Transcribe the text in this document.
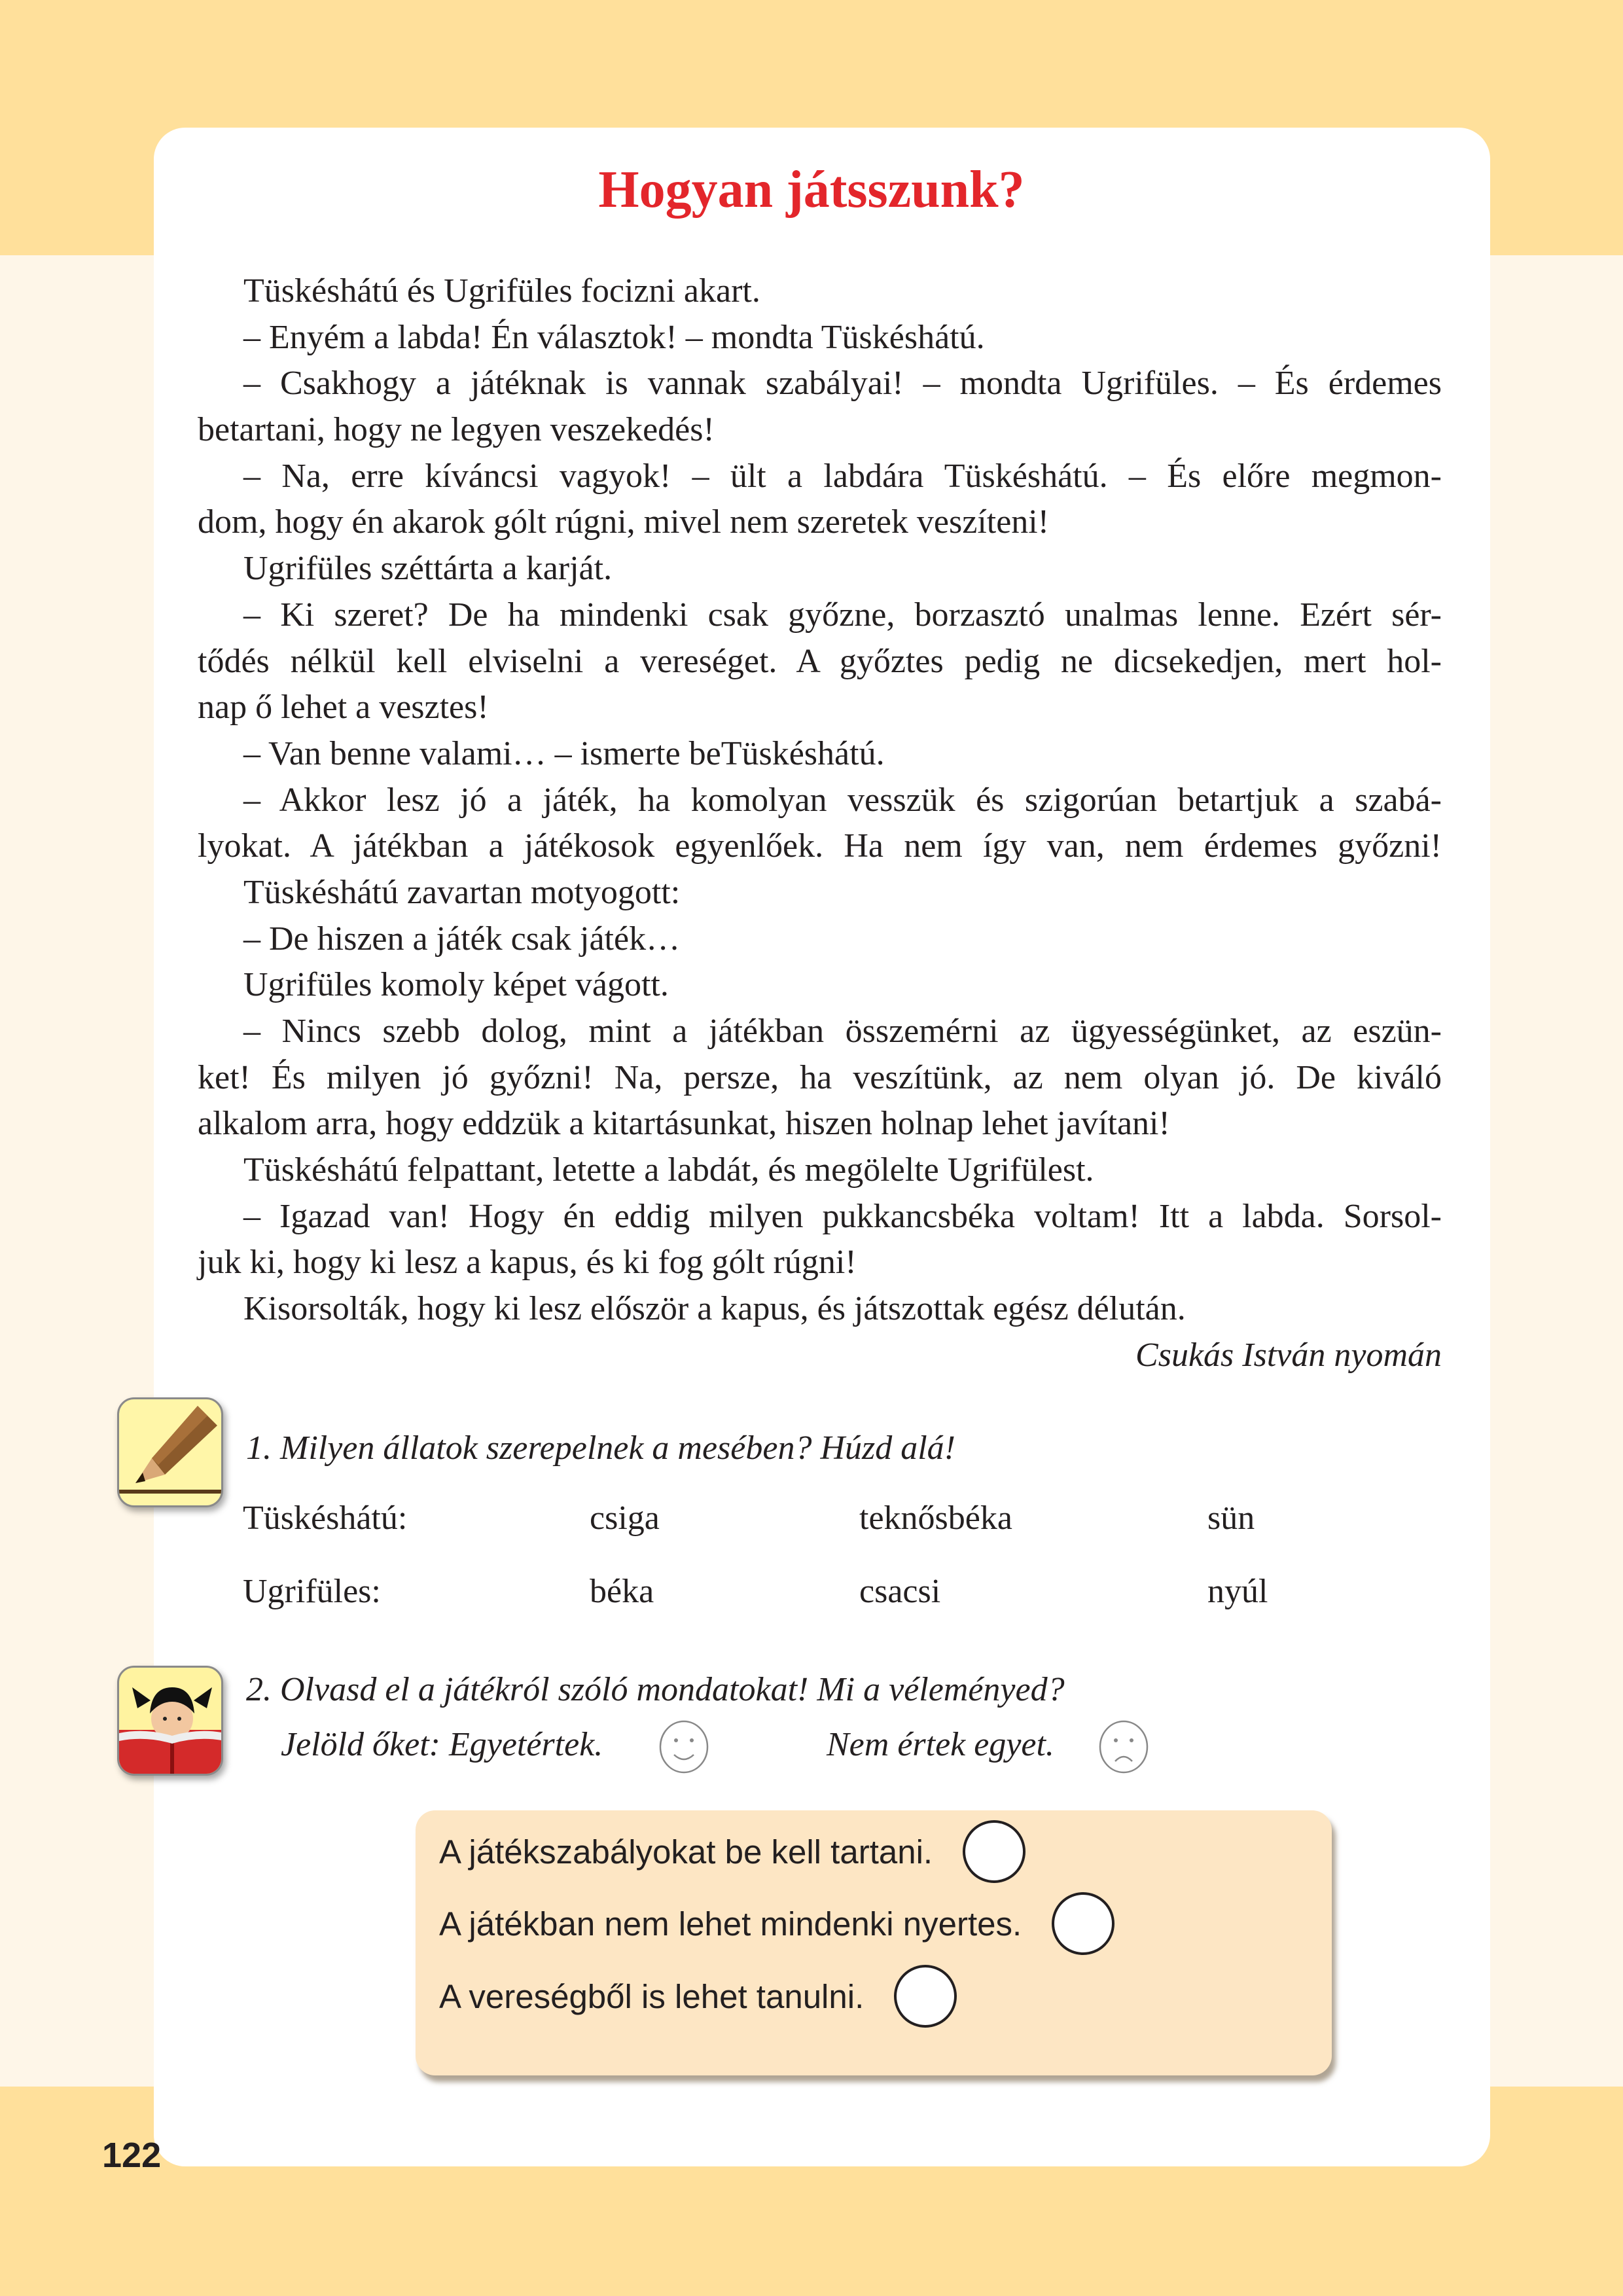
Hogyan játsszunk?
Tüskéshátú és Ugrifüles focizni akart.
– Enyém a labda! Én választok! – mondta Tüskéshátú.
– Csakhogy a játéknak is vannak szabályai! – mondta Ugrifüles. – És érdemes
betartani, hogy ne legyen veszekedés!
– Na, erre kíváncsi vagyok! – ült a labdára Tüskéshátú. – És előre megmon-
dom, hogy én akarok gólt rúgni, mivel nem szeretek veszíteni!
Ugrifüles széttárta a karját.
– Ki szeret? De ha mindenki csak győzne, borzasztó unalmas lenne. Ezért sér-
tődés nélkül kell elviselni a vereséget. A győztes pedig ne dicsekedjen, mert hol-
nap ő lehet a vesztes!
– Van benne valami… – ismerte beTüskéshátú.
– Akkor lesz jó a játék, ha komolyan vesszük és szigorúan betartjuk a szabá-
lyokat. A játékban a játékosok egyenlőek. Ha nem így van, nem érdemes győzni!
Tüskéshátú zavartan motyogott:
– De hiszen a játék csak játék…
Ugrifüles komoly képet vágott.
– Nincs szebb dolog, mint a játékban összemérni az ügyességünket, az eszün-
ket! És milyen jó győzni! Na, persze, ha veszítünk, az nem olyan jó. De kiváló
alkalom arra, hogy eddzük a kitartásunkat, hiszen holnap lehet javítani!
Tüskéshátú felpattant, letette a labdát, és megölelte Ugrifülest.
– Igazad van! Hogy én eddig milyen pukkancsbéka voltam! Itt a labda. Sorsol-
juk ki, hogy ki lesz a kapus, és ki fog gólt rúgni!
Kisorsolták, hogy ki lesz először a kapus, és játszottak egész délután.
Csukás István nyomán
1. Milyen állatok szerepelnek a mesében? Húzd alá!
Tüskéshátú:	csiga	teknősbéka	sün
Ugrifüles:	béka	csacsi	nyúl
2. Olvasd el a játékról szóló mondatokat! Mi a véleményed?
Jelöld őket: Egyetértek.	Nem értek egyet.
A játékszabályokat be kell tartani.
A játékban nem lehet mindenki nyertes.
A vereségből is lehet tanulni.
122
